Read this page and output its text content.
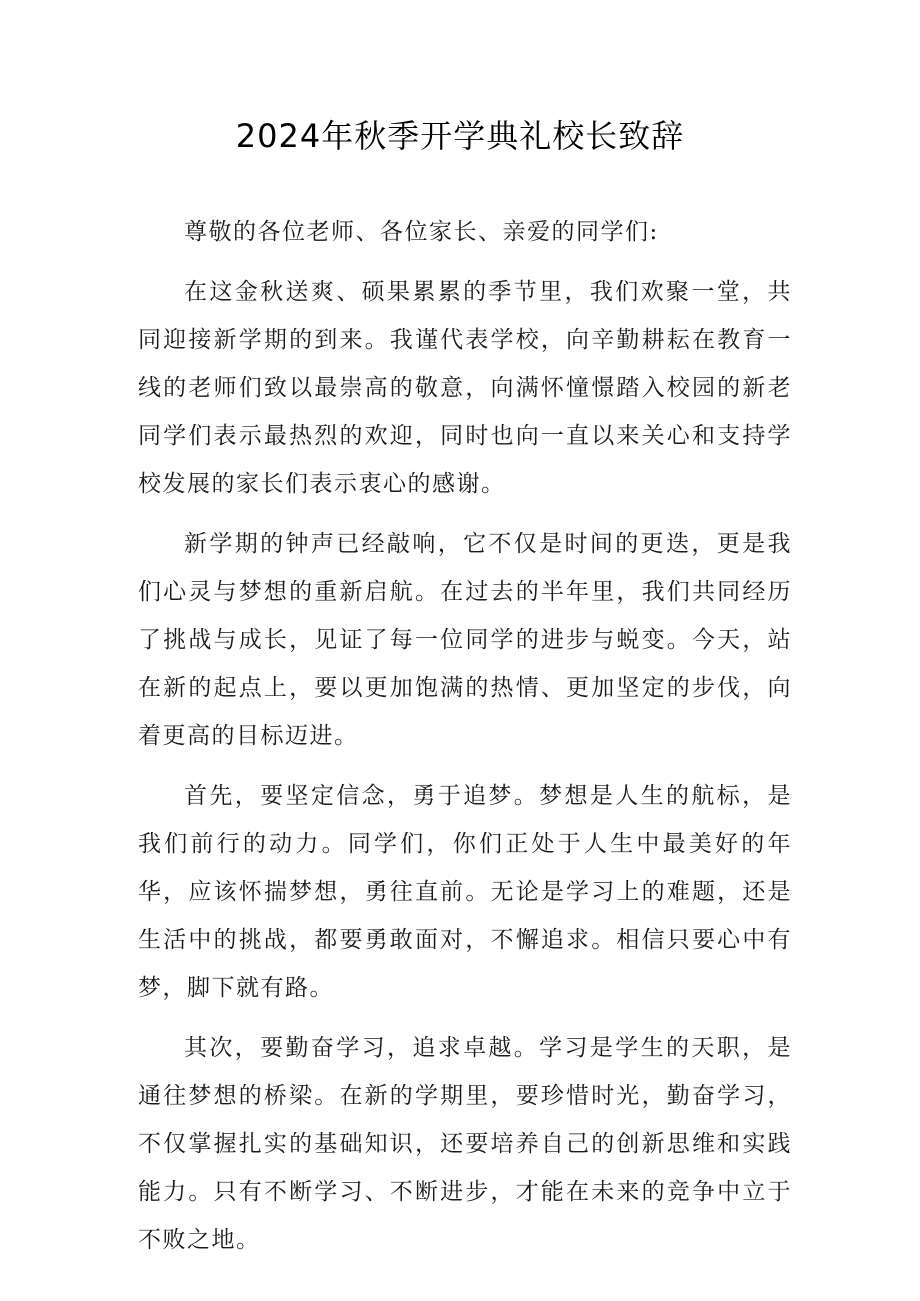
2024年秋季开学典礼校长致辞

尊敬的各位老师、各位家长、亲爱的同学们:

在这金秋送爽、硕果累累的季节里，我们欢聚一堂，共同迎接新学期的到来。我谨代表学校，向辛勤耕耘在教育一线的老师们致以最崇高的敬意，向满怀憧憬踏入校园的新老同学们表示最热烈的欢迎，同时也向一直以来关心和支持学校发展的家长们表示衷心的感谢。

新学期的钟声已经敲响，它不仅是时间的更迭，更是我们心灵与梦想的重新启航。在过去的半年里，我们共同经历了挑战与成长，见证了每一位同学的进步与蜕变。今天，站在新的起点上，要以更加饱满的热情、更加坚定的步伐，向着更高的目标迈进。

首先，要坚定信念，勇于追梦。梦想是人生的航标，是我们前行的动力。同学们，你们正处于人生中最美好的年华，应该怀揣梦想，勇往直前。无论是学习上的难题，还是生活中的挑战，都要勇敢面对，不懈追求。相信只要心中有梦，脚下就有路。

其次，要勤奋学习，追求卓越。学习是学生的天职，是通往梦想的桥梁。在新的学期里，要珍惜时光，勤奋学习，不仅掌握扎实的基础知识，还要培养自己的创新思维和实践能力。只有不断学习、不断进步，才能在未来的竞争中立于不败之地。
